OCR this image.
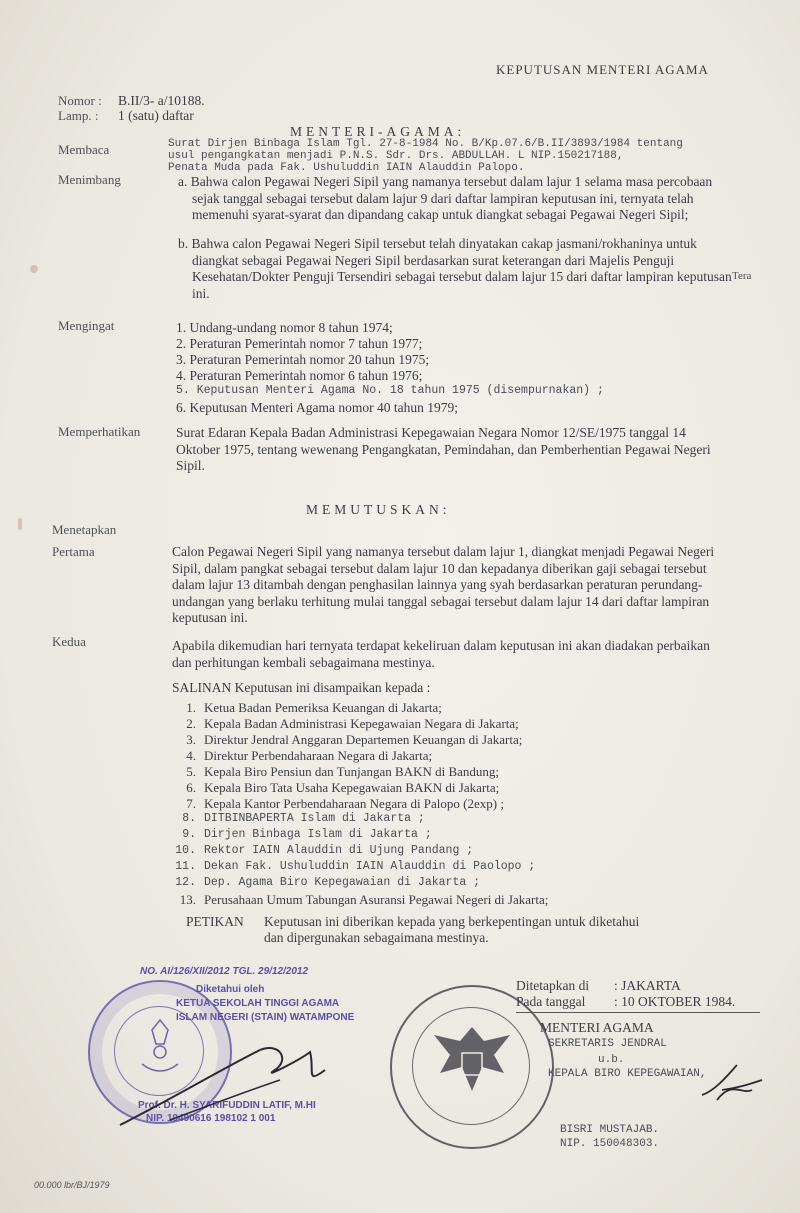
KEPUTUSAN MENTERI AGAMA
Nomor : B.II/3- a/10188.
Lamp. : 1 (satu) daftar
MENTERI-AGAMA:
Membaca	Surat Dirjen Binbaga Islam Tgl. 27-8-1984 No. B/Kp.07.6/B.II/3893/1984 tentang
usul pengangkatan menjadi P.N.S. Sdr. Drs. ABDULLAH. L NIP.150217188,
Penata Muda pada Fak. Ushuluddin IAIN Alauddin Palopo.
Menimbang	a. Bahwa calon Pegawai Negeri Sipil yang namanya tersebut dalam lajur 1 selama masa percobaan sejak tanggal sebagai tersebut dalam lajur 9 dari daftar lampiran keputusan ini, ternyata telah memenuhi syarat-syarat dan dipandang cakap untuk diangkat sebagai Pegawai Negeri Sipil;
b. Bahwa calon Pegawai Negeri Sipil tersebut telah dinyatakan cakap jasmani/rokhaninya untuk diangkat sebagai Pegawai Negeri Sipil berdasarkan surat keterangan dari Majelis Penguji Kesehatan/Dokter Penguji Tersendiri sebagai tersebut dalam lajur 15 dari daftar lampiran keputusan ini.
Tera
Mengingat	1. Undang-undang nomor 8 tahun 1974;
2. Peraturan Pemerintah nomor 7 tahun 1977;
3. Peraturan Pemerintah nomor 20 tahun 1975;
4. Peraturan Pemerintah nomor 6 tahun 1976;
5. Keputusan Menteri Agama No. 18 tahun 1975 (disempurnakan) ;
6. Keputusan Menteri Agama nomor 40 tahun 1979;
Memperhatikan	Surat Edaran Kepala Badan Administrasi Kepegawaian Negara Nomor 12/SE/1975 tanggal 14 Oktober 1975, tentang wewenang Pengangkatan, Pemindahan, dan Pemberhentian Pegawai Negeri Sipil.
MEMUTUSKAN:
Menetapkan
Pertama	Calon Pegawai Negeri Sipil yang namanya tersebut dalam lajur 1, diangkat menjadi Pegawai Negeri Sipil, dalam pangkat sebagai tersebut dalam lajur 10 dan kepadanya diberikan gaji sebagai tersebut dalam lajur 13 ditambah dengan penghasilan lainnya yang syah berdasarkan peraturan perundang-undangan yang berlaku terhitung mulai tanggal sebagai tersebut dalam lajur 14 dari daftar lampiran keputusan ini.
Kedua	Apabila dikemudian hari ternyata terdapat kekeliruan dalam keputusan ini akan diadakan perbaikan dan perhitungan kembali sebagaimana mestinya.
SALINAN Keputusan ini disampaikan kepada :
1. Ketua Badan Pemeriksa Keuangan di Jakarta;
2. Kepala Badan Administrasi Kepegawaian Negara di Jakarta;
3. Direktur Jendral Anggaran Departemen Keuangan di Jakarta;
4. Direktur Perbendaharaan Negara di Jakarta;
5. Kepala Biro Pensiun dan Tunjangan BAKN di Bandung;
6. Kepala Biro Tata Usaha Kepegawaian BAKN di Jakarta;
7. Kepala Kantor Perbendaharaan Negara di Palopo (2exp) ;
8. DITBINBAPERTA Islam di Jakarta ;
9. Dirjen Binbaga Islam di Jakarta ;
10. Rektor IAIN Alauddin di Ujung Pandang ;
11. Dekan Fak. Ushuluddin IAIN Alauddin di Paolopo ;
12. Dep. Agama Biro Kepegawaian di Jakarta ;
13. Perusahaan Umum Tabungan Asuransi Pegawai Negeri di Jakarta;
PETIKAN Keputusan ini diberikan kepada yang berkepentingan untuk diketahui
dan dipergunakan sebagaimana mestinya.
NO. AI/126/XII/2012 TGL. 29/12/2012
Diketahui oleh
KETUA SEKOLAH TINGGI AGAMA
ISLAM NEGERI (STAIN) WATAMPONE
Prof. Dr. H. SYARIFUDDIN LATIF, M.HI
NIP. 19490616 198102 1 001
Ditetapkan di : JAKARTA
Pada tanggal : 10 OKTOBER 1984.
MENTERI AGAMA
SEKRETARIS JENDRAL
u.b.
KEPALA BIRO KEPEGAWAIAN,
BISRI MUSTAJAB.
NIP. 150048303.
00.000 lbr/BJ/1979
